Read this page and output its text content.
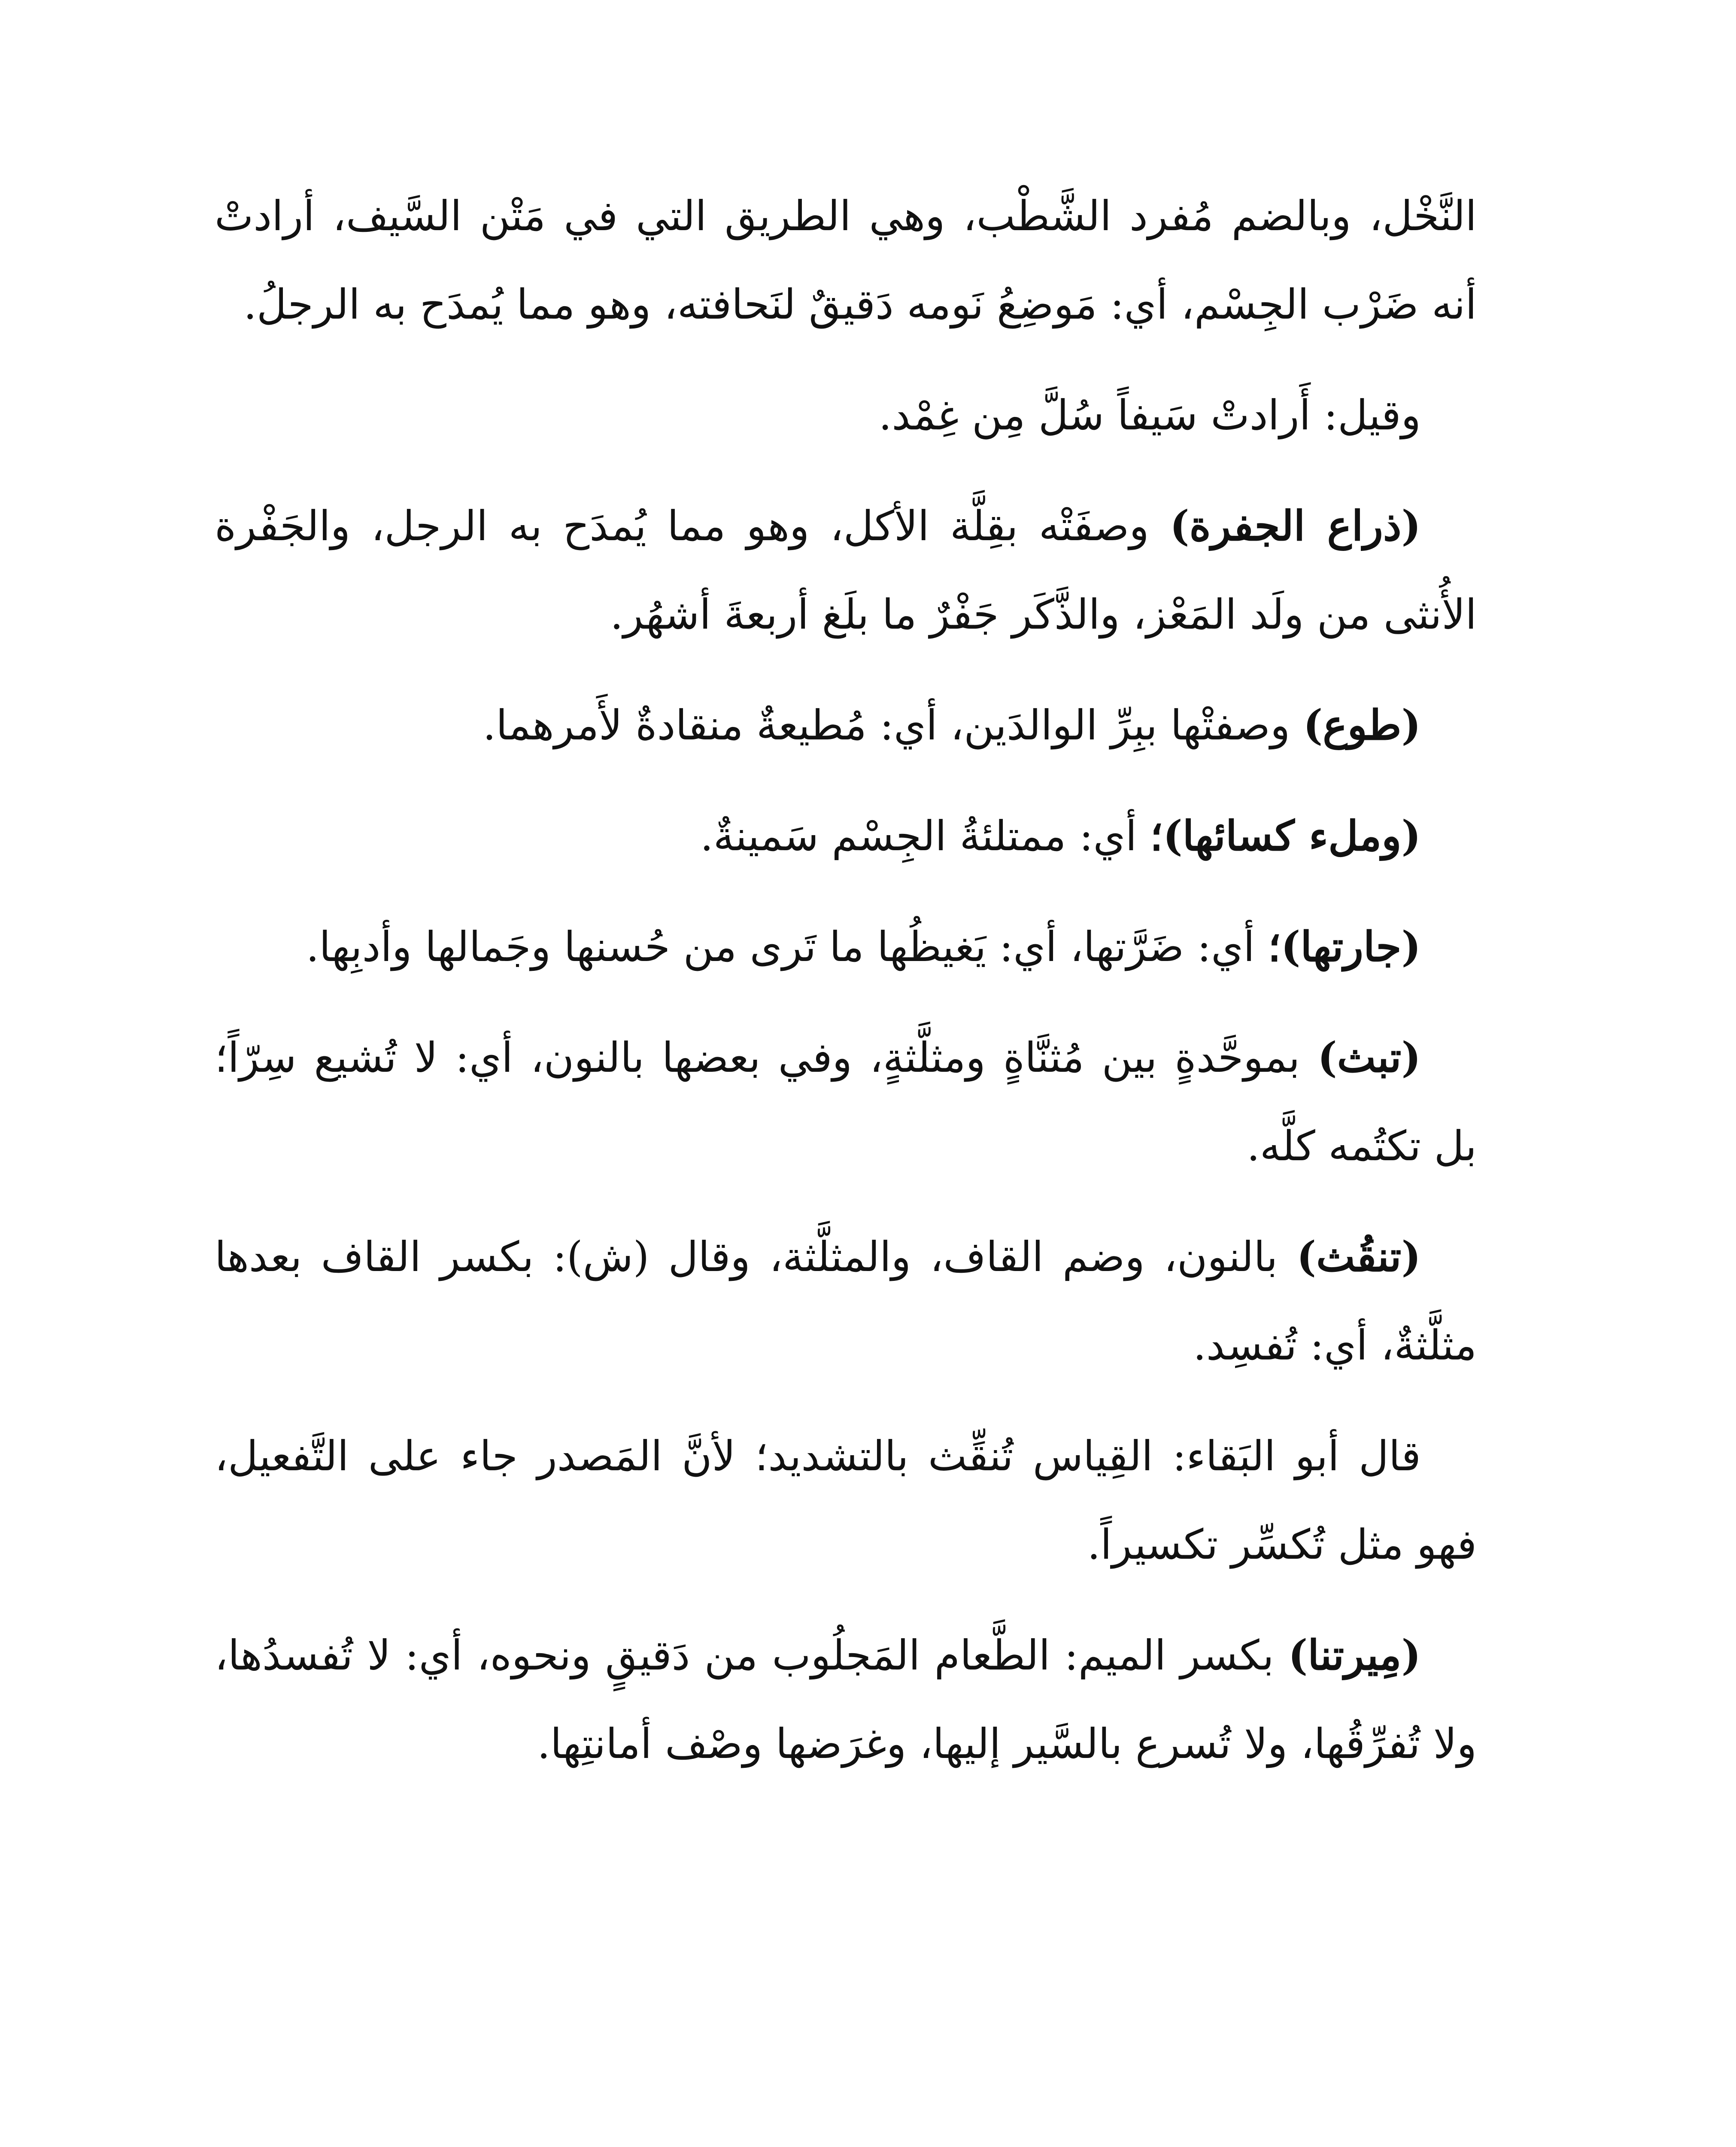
النَّخْل، وبالضم مُفرد الشَّطْب، وهي الطريق التي في مَتْن السَّيف، أرادتْ أنه ضَرْب الجِسْم، أي: مَوضِعُ نَومه دَقيقٌ لنَحافته، وهو مما يُمدَح به الرجلُ.

وقيل: أَرادتْ سَيفاً سُلَّ مِن غِمْد.

(ذراع الجفرة) وصفَتْه بقِلَّة الأكل، وهو مما يُمدَح به الرجل، والجَفْرة الأُنثى من ولَد المَعْز، والذَّكَر جَفْرٌ ما بلَغ أربعةَ أشهُر.

(طوع) وصفتْها ببِرِّ الوالدَين، أي: مُطيعةٌ منقادةٌ لأَمرهما.

(وملء كسائها)؛ أي: ممتلئةُ الجِسْم سَمينةٌ.

(جارتها)؛ أي: ضَرَّتها، أي: يَغيظُها ما تَرى من حُسنها وجَمالها وأدبِها.

(تبث) بموحَّدةٍ بين مُثنَّاةٍ ومثلَّثةٍ، وفي بعضها بالنون، أي: لا تُشيع سِرّاً؛ بل تكتُمه كلَّه.

(تنقُث) بالنون، وضم القاف، والمثلَّثة، وقال (ش): بكسر القاف بعدها مثلَّثةٌ، أي: تُفسِد.

قال أبو البَقاء: القِياس تُنقِّث بالتشديد؛ لأنَّ المَصدر جاء على التَّفعيل، فهو مثل تُكسِّر تكسيراً.

(مِيرتنا) بكسر الميم: الطَّعام المَجلُوب من دَقيقٍ ونحوه، أي: لا تُفسدُها، ولا تُفرِّقُها، ولا تُسرع بالسَّير إليها، وغرَضها وصْف أمانتِها.
